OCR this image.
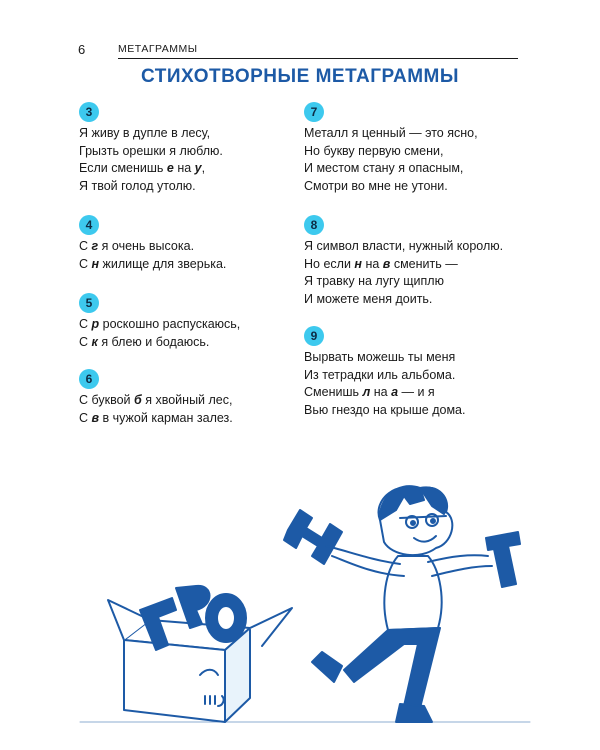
6	МЕТАГРАММЫ
СТИХОТВОРНЫЕ МЕТАГРАММЫ
3
Я живу в дупле в лесу,
Грызть орешки я люблю.
Если сменишь е на у,
Я твой голод утолю.
4
С г я очень высока.
С н жилище для зверька.
5
С р роскошно распускаюсь,
С к я блею и бодаюсь.
6
С буквой б я хвойный лес,
С в в чужой карман залез.
7
Металл я ценный — это ясно,
Но букву первую смени,
И местом стану я опасным,
Смотри во мне не утони.
8
Я символ власти, нужный королю.
Но если н на в сменить —
Я травку на лугу щиплю
И можете меня доить.
9
Вырвать можешь ты меня
Из тетрадки иль альбома.
Сменишь л на а — и я
Вью гнездо на крыше дома.
